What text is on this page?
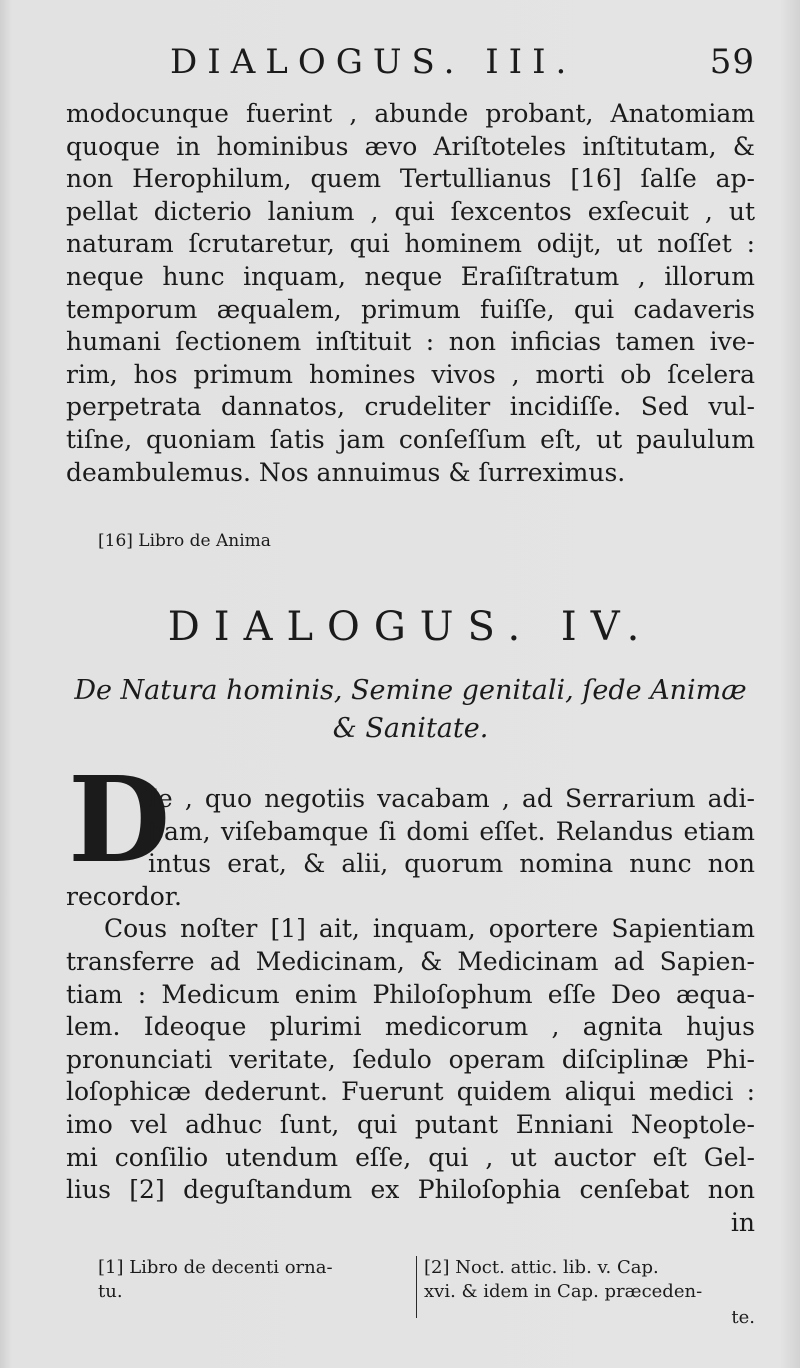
DIALOGUS. III.	59
modocunque fuerint , abunde probant, Anatomiam
quoque in hominibus ævo Ariſtoteles inſtitutam, &
non Herophilum, quem Tertullianus [16] ſalſe ap-
pellat dicterio lanium , qui ſexcentos exſecuit , ut
naturam ſcrutaretur, qui hominem odijt, ut noſſet :
neque hunc inquam, neque Eraſiſtratum , illorum
temporum æqualem, primum fuiſſe, qui cadaveris
humani ſectionem inſtituit : non inficias tamen ive-
rim, hos primum homines vivos , morti ob ſcelera
perpetrata dannatos, crudeliter incidiſſe. Sed vul-
tiſne, quoniam ſatis jam conſeſſum eſt, ut paululum
deambulemus. Nos annuimus & ſurreximus.
[16] Libro de Anima
DIALOGUS. IV.
De Natura hominis, Semine genitali, ſede Animæ
& Sanitate.
D
Ie , quo negotiis vacabam , ad Serrarium adi-
bam, viſebamque ſi domi eſſet. Relandus etiam
intus erat, & alii, quorum nomina nunc non
recordor.
Cous noſter [1] ait, inquam, oportere Sapientiam
transferre ad Medicinam, & Medicinam ad Sapien-
tiam : Medicum enim Philoſophum eſſe Deo æqua-
lem. Ideoque plurimi medicorum , agnita hujus
pronunciati veritate, ſedulo operam diſciplinæ Phi-
loſophicæ dederunt. Fuerunt quidem aliqui medici :
imo vel adhuc ſunt, qui putant Enniani Neoptole-
mi conſilio utendum eſſe, qui , ut auctor eſt Gel-
lius [2] deguſtandum ex Philoſophia cenſebat non
in
[1] Libro de decenti orna-
tu.
[2] Noct. attic. lib. v. Cap.
xvi. & idem in Cap. præceden-
te.
